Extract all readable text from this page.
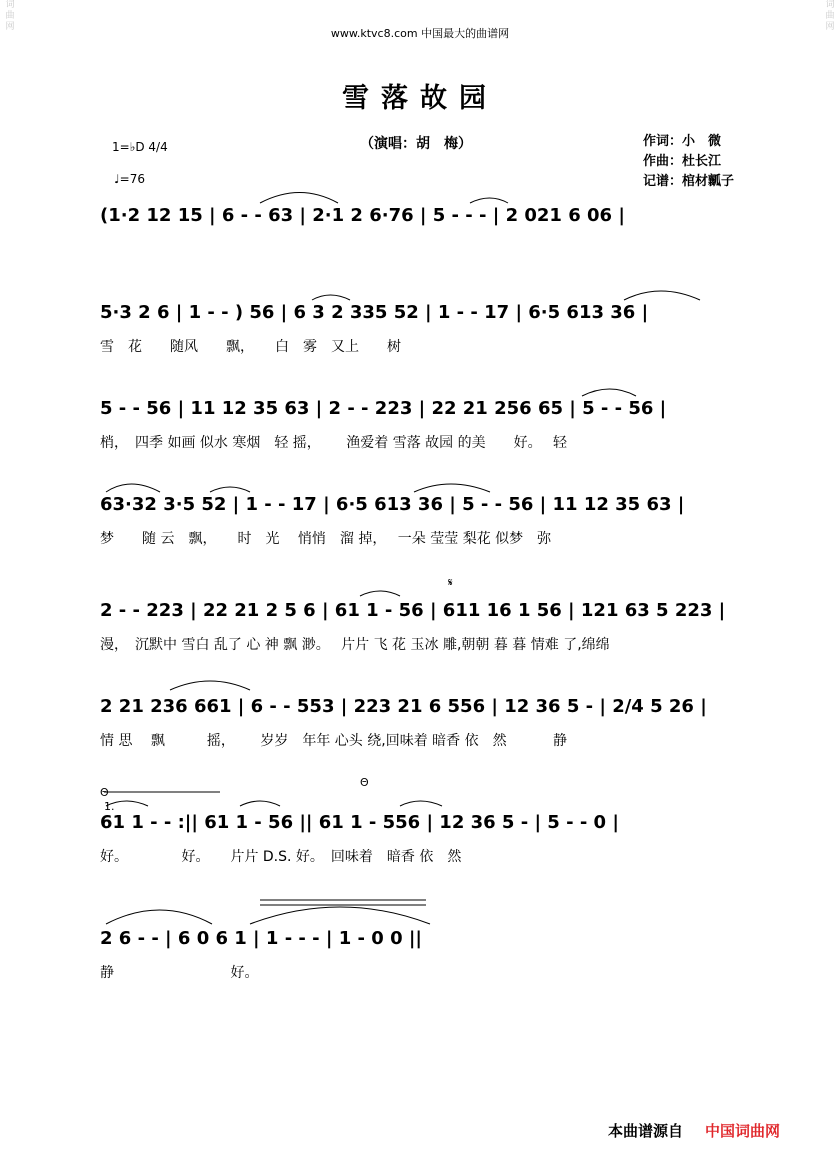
词
曲
网
词
曲
网
www.ktvc8.com 中国最大的曲谱网
雪落故园
（演唱：胡　梅）	作词：小　微
作曲：杜长江
记谱：棺材瓤子
1=♭D 4/4
♩=76
(1·2 12 15 | 6 - - 63 | 2·1 2 6·76 | 5 - - - | 2 021 6 06 |
5·3 2 6 | 1 - - ) 56 | 6 3 2 335 52 | 1 - - 17 | 6·5 613 36 |
雪　花　　随风　　飘，　　白　雾　又上　　树
5 - - 56 | 11 12 35 63 | 2 - - 223 | 22 21 256 65 | 5 - - 56 |
梢，　四季 如画 似水 寒烟　轻 摇，　　 渔爱着 雪落 故园 的美　　好。　 轻
63·32 3·5 52 | 1 - - 17 | 6·5 613 36 | 5 - - 56 | 11 12 35 63 |
梦　　随 云　飘，　　时　光　 悄悄　溜 掉，　 一朵 莹莹 梨花 似梦　弥
2 - - 223 | 22 21 2 5 6 | 61 1 - 56 | 611 16 1 56 | 121 63 5 223 |
漫，　沉默中 雪白 乱了 心 神 飘 渺。　 片片 飞 花 玉冰 雕,朝朝 暮 暮 情难 了,绵绵
2 21 236 661 | 6 - - 553 | 223 21 6 556 | 12 36 5 - | 2/4 5 26 |
情 思　 飘　　　摇，　　 岁岁　年年 心头 绕,回味着 暗香 依　然　　　 静
61 1 - - :|| 61 1 - 56 || 61 1 - 556 | 12 36 5 - | 5 - - 0 |
好。　　　　 好。　　片片 D.S. 好。　回味着　暗香 依　然
2 6 - - | 6 0 6 1 | 1 - - - | 1 - 0 0 ||
静　　　　　　　　 好。
Θ
1.
Θ
𝄋
本曲谱源自 中国词曲网
